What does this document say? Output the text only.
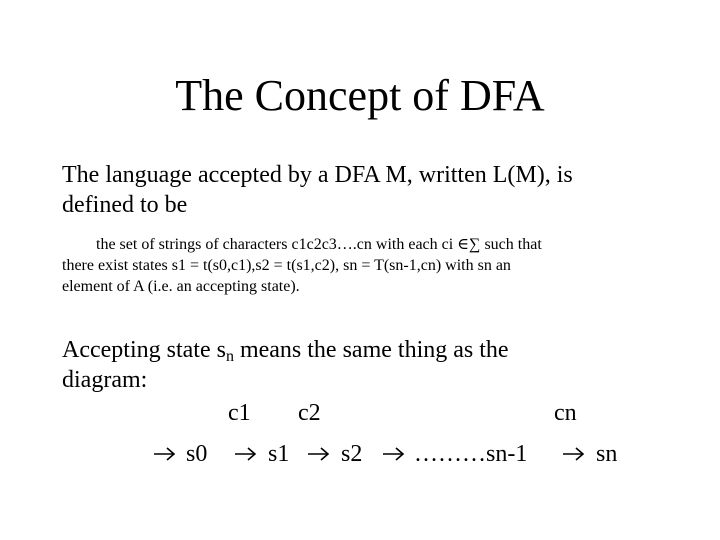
The Concept of DFA
The language accepted by a DFA M, written L(M), is
defined to be
the set of strings of characters c1c2c3….cn with each ci ∈∑ such that
there exist states s1 = t(s0,c1),s2 = t(s1,c2), sn = T(sn-1,cn) with sn an
element of A (i.e. an accepting state).
Accepting state $s_n$ means the same thing as the
diagram:
c1 c2	cn
s0	s1 s2 ………sn-1	sn
